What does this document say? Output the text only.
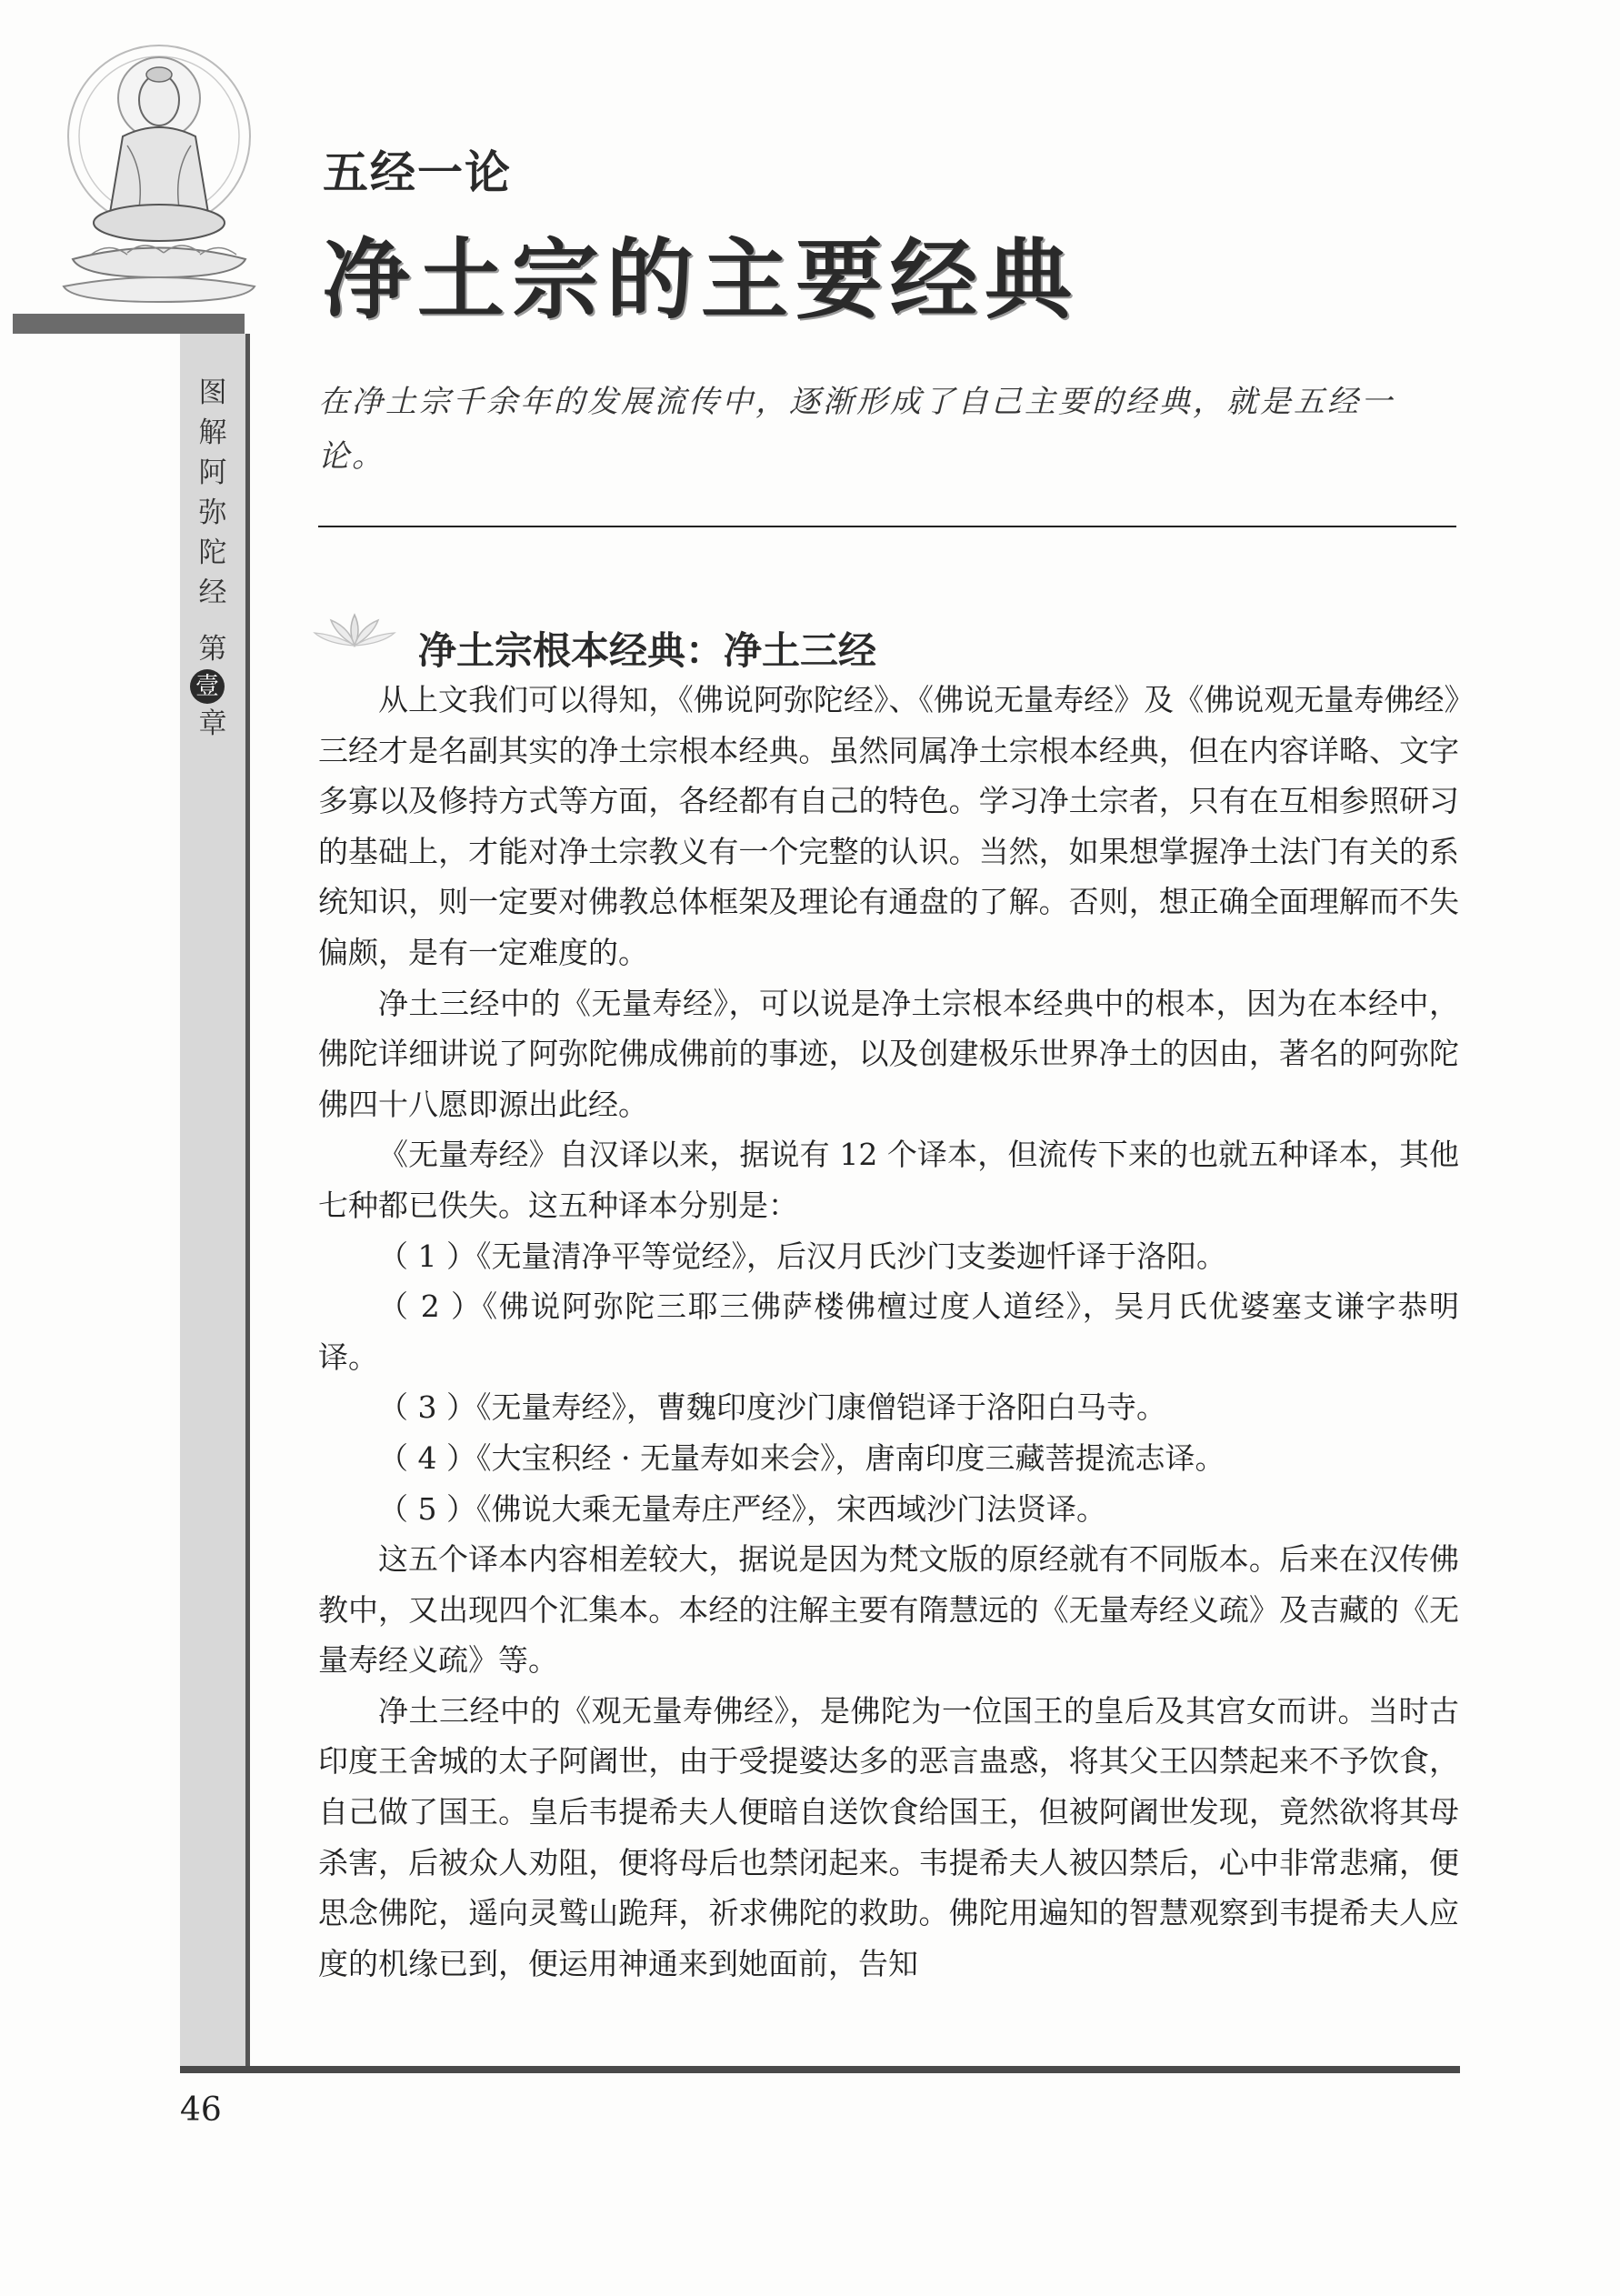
五经一论
净土宗的主要经典
图
解
阿
弥
陀
经
第
壹
章
在净土宗千余年的发展流传中，逐渐形成了自己主要的经典，就是五经一论。
净土宗根本经典：净土三经

从上文我们可以得知，《佛说阿弥陀经》、《佛说无量寿经》及《佛说观无量寿佛经》三经才是名副其实的净土宗根本经典。虽然同属净土宗根本经典，但在内容详略、文字多寡以及修持方式等方面，各经都有自己的特色。学习净土宗者，只有在互相参照研习的基础上，才能对净土宗教义有一个完整的认识。当然，如果想掌握净土法门有关的系统知识，则一定要对佛教总体框架及理论有通盘的了解。否则，想正确全面理解而不失偏颇，是有一定难度的。

净土三经中的《无量寿经》，可以说是净土宗根本经典中的根本，因为在本经中，佛陀详细讲说了阿弥陀佛成佛前的事迹，以及创建极乐世界净土的因由，著名的阿弥陀佛四十八愿即源出此经。

《无量寿经》自汉译以来，据说有 12 个译本，但流传下来的也就五种译本，其他七种都已佚失。这五种译本分别是：

（ 1 ）《无量清净平等觉经》，后汉月氏沙门支娄迦忏译于洛阳。

（ 2 ）《佛说阿弥陀三耶三佛萨楼佛檀过度人道经》，吴月氏优婆塞支谦字恭明译。

（ 3 ）《无量寿经》，曹魏印度沙门康僧铠译于洛阳白马寺。

（ 4 ）《大宝积经 · 无量寿如来会》，唐南印度三藏菩提流志译。

（ 5 ）《佛说大乘无量寿庄严经》，宋西域沙门法贤译。

这五个译本内容相差较大，据说是因为梵文版的原经就有不同版本。后来在汉传佛教中，又出现四个汇集本。本经的注解主要有隋慧远的《无量寿经义疏》及吉藏的《无量寿经义疏》等。

净土三经中的《观无量寿佛经》，是佛陀为一位国王的皇后及其宫女而讲。当时古印度王舍城的太子阿阇世，由于受提婆达多的恶言蛊惑，将其父王囚禁起来不予饮食，自己做了国王。皇后韦提希夫人便暗自送饮食给国王，但被阿阇世发现，竟然欲将其母杀害，后被众人劝阻，便将母后也禁闭起来。韦提希夫人被囚禁后，心中非常悲痛，便思念佛陀，遥向灵鹫山跪拜，祈求佛陀的救助。佛陀用遍知的智慧观察到韦提希夫人应度的机缘已到，便运用神通来到她面前，告知

46
